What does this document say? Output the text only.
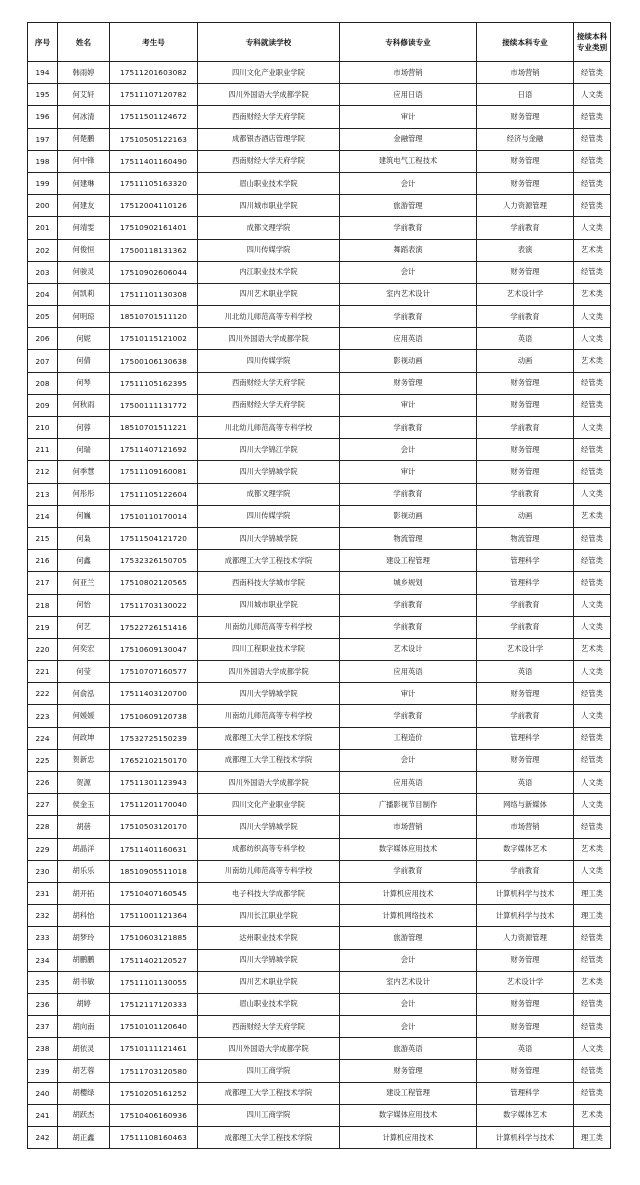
序号	姓名	考生号	专科就读学校	专科修读专业	接续本科专业	接续本科专业类别
194	韩雨婷	17511201603082	四川文化产业职业学院	市场营销	市场营销	经管类
195	何艾轩	17511107120782	四川外国语大学成都学院	应用日语	日语	人文类
196	何冰清	17511501124672	西南财经大学天府学院	审计	财务管理	经管类
197	何楚鹏	17510505122163	成都银杏酒店管理学院	金融管理	经济与金融	经管类
198	何中锋	17511401160490	西南财经大学天府学院	建筑电气工程技术	财务管理	经管类
199	何建琳	17511105163320	眉山职业技术学院	会计	财务管理	经管类
200	何建友	17512004110126	四川城市职业学院	旅游管理	人力资源管理	经管类
201	何靖雯	17510902161401	成都文理学院	学前教育	学前教育	人文类
202	何俊恒	17500118131362	四川传媒学院	舞蹈表演	表演	艺术类
203	何骏灵	17510902606044	内江职业技术学院	会计	财务管理	经管类
204	何凯莉	17511101130308	四川艺术职业学院	室内艺术设计	艺术设计学	艺术类
205	何明琼	18510701511120	川北幼儿师范高等专科学校	学前教育	学前教育	人文类
206	何妮	17510115121002	四川外国语大学成都学院	应用英语	英语	人文类
207	何倩	17500106130638	四川传媒学院	影视动画	动画	艺术类
208	何琴	17511105162395	西南财经大学天府学院	财务管理	财务管理	经管类
209	何秋雨	17500111131772	西南财经大学天府学院	审计	财务管理	经管类
210	何蓉	18510701511221	川北幼儿师范高等专科学校	学前教育	学前教育	人文类
211	何瑞	17511407121692	四川大学锦江学院	会计	财务管理	经管类
212	何季慧	17511109160081	四川大学锦城学院	审计	财务管理	经管类
213	何彤彤	17511105122604	成都文理学院	学前教育	学前教育	人文类
214	何巍	17510110170014	四川传媒学院	影视动画	动画	艺术类
215	何枭	17511504121720	四川大学锦城学院	物流管理	物流管理	经管类
216	何鑫	17532326150705	成都理工大学工程技术学院	建设工程管理	管理科学	经管类
217	何亚兰	17510802120565	西南科技大学城市学院	城乡规划	管理科学	经管类
218	何怡	17511703130022	四川城市职业学院	学前教育	学前教育	人文类
219	何艺	17522726151416	川南幼儿师范高等专科学校	学前教育	学前教育	人文类
220	何奕宏	17510609130047	四川工程职业技术学院	艺术设计	艺术设计学	艺术类
221	何莹	17510707160577	四川外国语大学成都学院	应用英语	英语	人文类
222	何俞泓	17511403120700	四川大学锦城学院	审计	财务管理	经管类
223	何媛媛	17510609120738	川南幼儿师范高等专科学校	学前教育	学前教育	人文类
224	何政坤	17532725150239	成都理工大学工程技术学院	工程造价	管理科学	经管类
225	贺新忠	17652102150170	成都理工大学工程技术学院	会计	财务管理	经管类
226	贺源	17511301123943	四川外国语大学成都学院	应用英语	英语	人文类
227	侯金玉	17511201170040	四川文化产业职业学院	广播影视节目制作	网络与新媒体	人文类
228	胡蓓	17510503120170	四川大学锦城学院	市场营销	市场营销	经管类
229	胡晶洋	17511401160631	成都纺织高等专科学校	数字媒体应用技术	数字媒体艺术	艺术类
230	胡乐乐	18510905511018	川南幼儿师范高等专科学校	学前教育	学前教育	人文类
231	胡开拓	17510407160545	电子科技大学成都学院	计算机应用技术	计算机科学与技术	理工类
232	胡科怡	17511001121364	四川长江职业学院	计算机网络技术	计算机科学与技术	理工类
233	胡梦玲	17510603121885	达州职业技术学院	旅游管理	人力资源管理	经管类
234	胡鹏鹏	17511402120527	四川大学锦城学院	会计	财务管理	经管类
235	胡书敏	17511101130055	四川艺术职业学院	室内艺术设计	艺术设计学	艺术类
236	胡婷	17512117120333	眉山职业技术学院	会计	财务管理	经管类
237	胡向南	17510101120640	西南财经大学天府学院	会计	财务管理	经管类
238	胡依灵	17510111121461	四川外国语大学成都学院	旅游英语	英语	人文类
239	胡艺蓉	17511703120580	四川工商学院	财务管理	财务管理	经管类
240	胡樱绿	17510205161252	成都理工大学工程技术学院	建设工程管理	管理科学	经管类
241	胡跃杰	17510406160936	四川工商学院	数字媒体应用技术	数字媒体艺术	艺术类
242	胡正鑫	17511108160463	成都理工大学工程技术学院	计算机应用技术	计算机科学与技术	理工类
